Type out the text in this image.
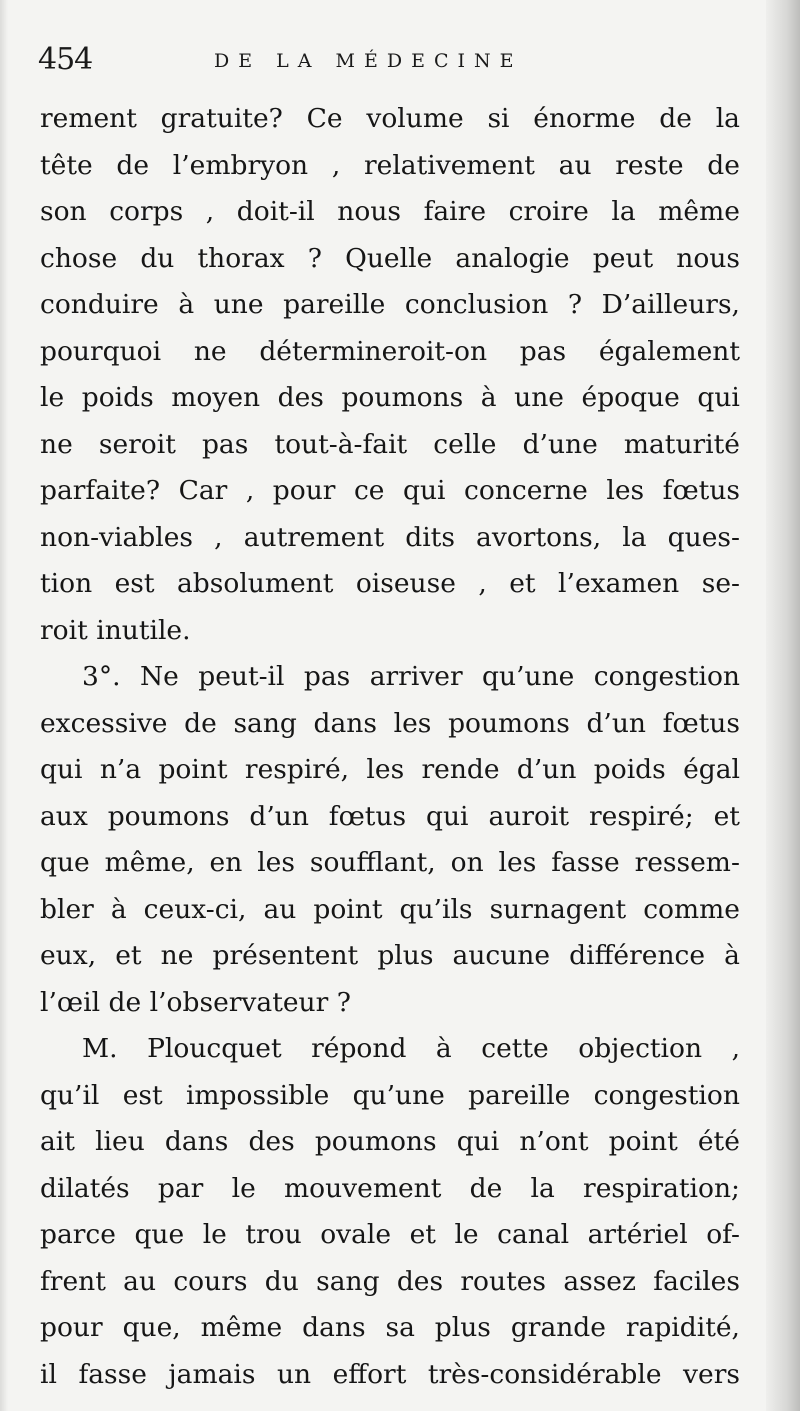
454	DE LA MÉDECINE
rement gratuite? Ce volume si énorme de la
tête de l’embryon , relativement au reste de
son corps , doit-il nous faire croire la même
chose du thorax ? Quelle analogie peut nous
conduire à une pareille conclusion ? D’ailleurs,
pourquoi ne détermineroit-on pas également
le poids moyen des poumons à une époque qui
ne seroit pas tout-à-fait celle d’une maturité
parfaite? Car , pour ce qui concerne les fœtus
non-viables , autrement dits avortons, la ques-
tion est absolument oiseuse , et l’examen se-
roit inutile.
3°. Ne peut-il pas arriver qu’une congestion
excessive de sang dans les poumons d’un fœtus
qui n’a point respiré, les rende d’un poids égal
aux poumons d’un fœtus qui auroit respiré; et
que même, en les soufflant, on les fasse ressem-
bler à ceux-ci, au point qu’ils surnagent comme
eux, et ne présentent plus aucune différence à
l’œil de l’observateur ?
M. Ploucquet répond à cette objection ,
qu’il est impossible qu’une pareille congestion
ait lieu dans des poumons qui n’ont point été
dilatés par le mouvement de la respiration;
parce que le trou ovale et le canal artériel of-
frent au cours du sang des routes assez faciles
pour que, même dans sa plus grande rapidité,
il fasse jamais un effort très-considérable vers
